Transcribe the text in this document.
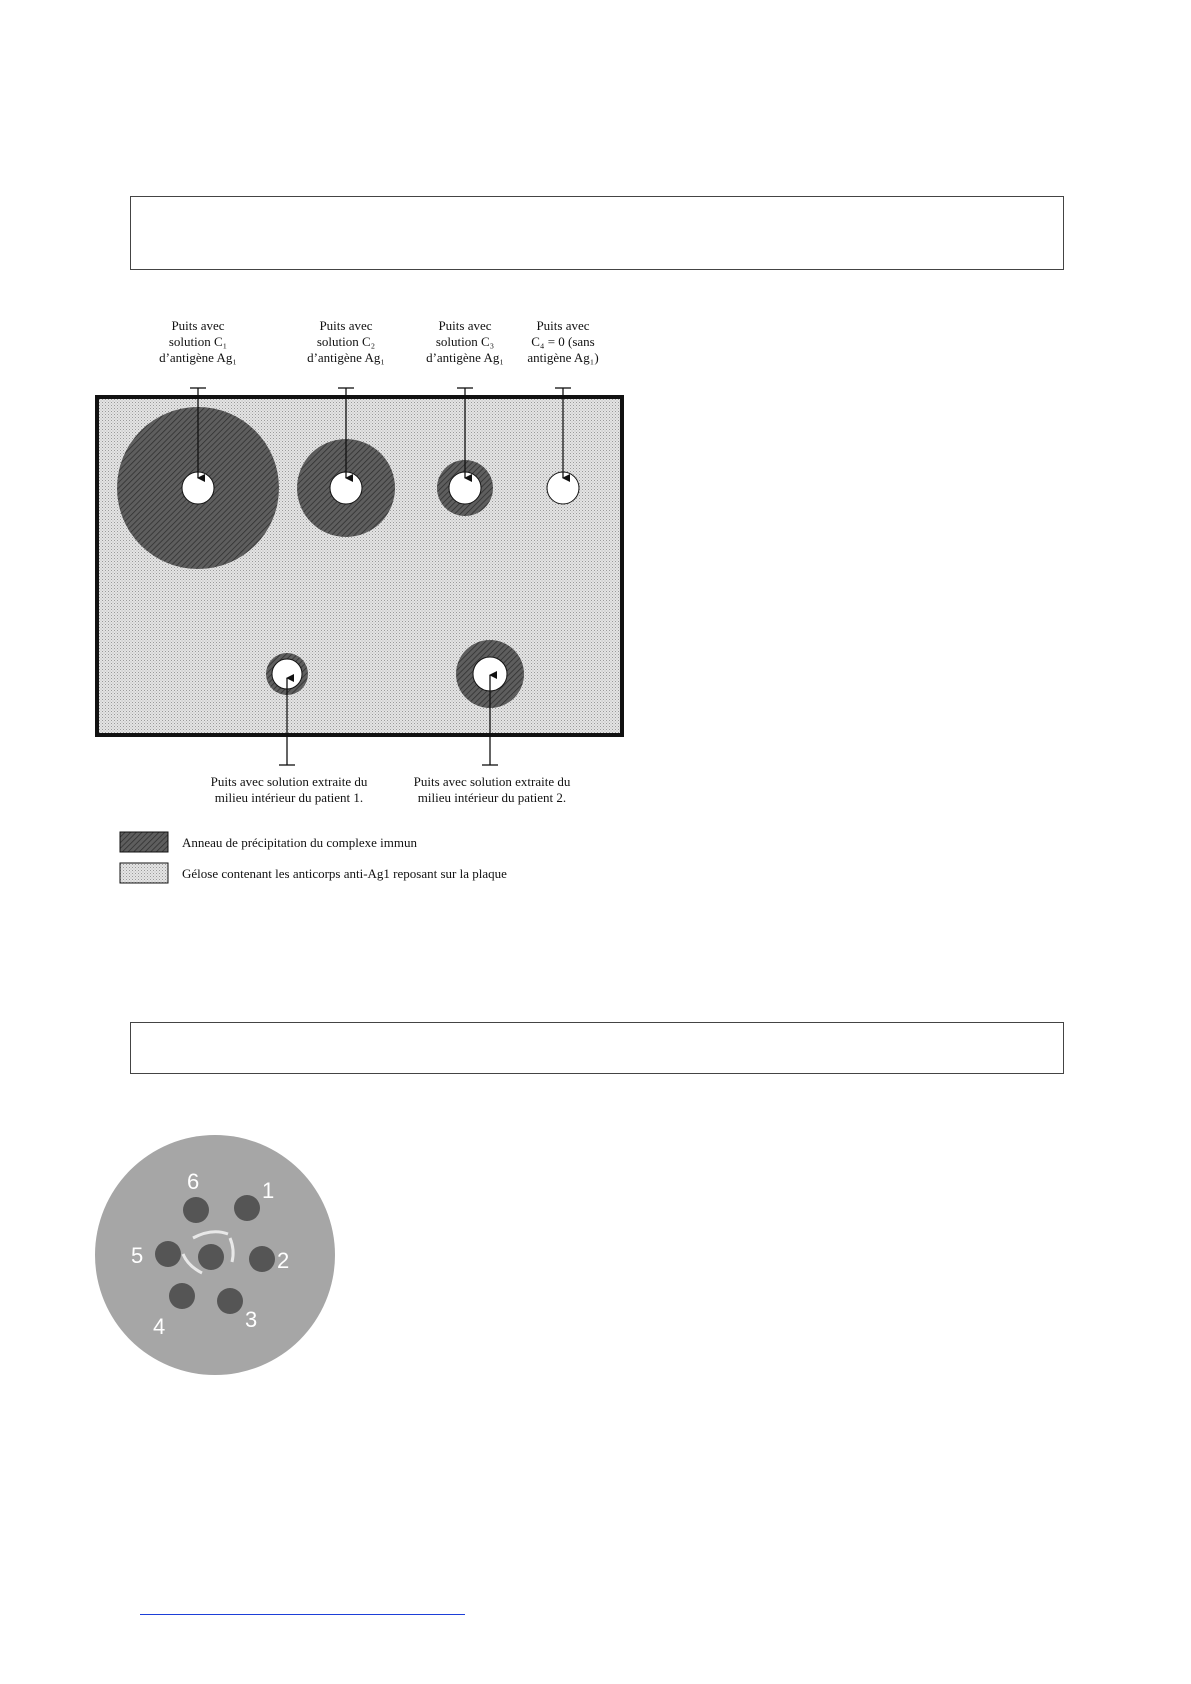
Puits avec
solution C₁
d’antigène Ag₁
Puits avec
solution C₂
d’antigène Ag₁
Puits avec
solution C₃
d’antigène Ag₁
Puits avec
C₄ = 0 (sans
antigène Ag₁)
Puits avec solution extraite du
milieu intérieur du patient 1.
Puits avec solution extraite du
milieu intérieur du patient 2.
Anneau de précipitation du complexe immun
Gélose contenant les anticorps anti-Ag1 reposant sur la plaque
1
2
3
4
5
6
